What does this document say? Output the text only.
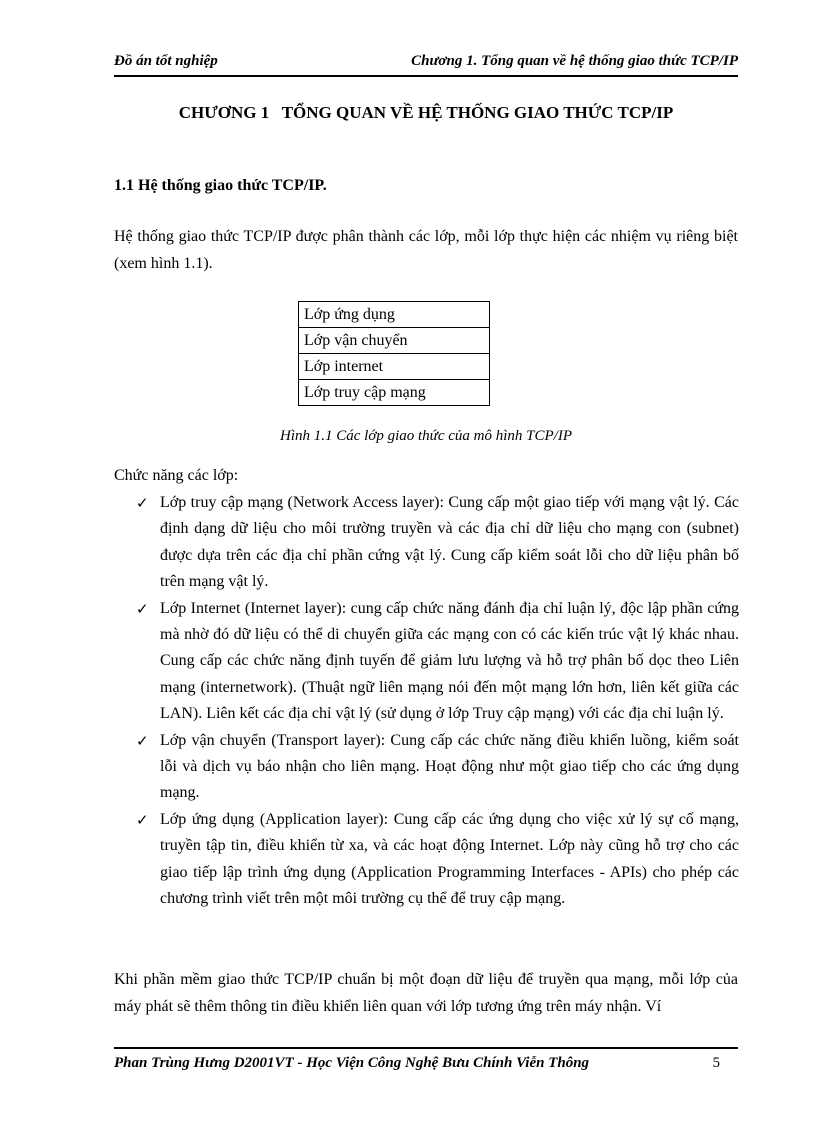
Đồ án tốt nghiệp	Chương 1. Tổng quan về hệ thống giao thức TCP/IP
CHƯƠNG 1   TỔNG QUAN VỀ HỆ THỐNG GIAO THỨC TCP/IP
1.1 Hệ thống giao thức TCP/IP.
Hệ thống giao thức TCP/IP được phân thành các lớp, mỗi lớp thực hiện các nhiệm vụ riêng biệt (xem hình 1.1).
Lớp ứng dụng
Lớp vận chuyển
Lớp internet
Lớp truy cập mạng
Hình 1.1 Các lớp giao thức của mô hình TCP/IP
Chức năng các lớp:
✓ Lớp truy cập mạng (Network Access layer): Cung cấp một giao tiếp với mạng vật lý. Các định dạng dữ liệu cho môi trường truyền và các địa chỉ dữ liệu cho mạng con (subnet) được dựa trên các địa chỉ phần cứng vật lý. Cung cấp kiểm soát lỗi cho dữ liệu phân bố trên mạng vật lý.
✓ Lớp Internet (Internet layer): cung cấp chức năng đánh địa chỉ luận lý, độc lập phần cứng mà nhờ đó dữ liệu có thể di chuyển giữa các mạng con có các kiến trúc vật lý khác nhau. Cung cấp các chức năng định tuyến để giảm lưu lượng và hỗ trợ phân bố dọc theo Liên mạng (internetwork). (Thuật ngữ liên mạng nói đến một mạng lớn hơn, liên kết giữa các LAN). Liên kết các địa chỉ vật lý (sử dụng ở lớp Truy cập mạng) với các địa chỉ luận lý.
✓ Lớp vận chuyển (Transport layer): Cung cấp các chức năng điều khiển luồng, kiểm soát lỗi và dịch vụ báo nhận cho liên mạng. Hoạt động như một giao tiếp cho các ứng dụng mạng.
✓ Lớp ứng dụng (Application layer): Cung cấp các ứng dụng cho việc xử lý sự cố mạng, truyền tập tin, điều khiển từ xa, và các hoạt động Internet. Lớp này cũng hỗ trợ cho các giao tiếp lập trình ứng dụng (Application Programming Interfaces - APIs) cho phép các chương trình viết trên một môi trường cụ thể để truy cập mạng.
Khi phần mềm giao thức TCP/IP chuẩn bị một đoạn dữ liệu để truyền qua mạng, mỗi lớp của máy phát sẽ thêm thông tin điều khiển liên quan với lớp tương ứng trên máy nhận. Ví
Phan Trùng Hưng D2001VT - Học Viện Công Nghệ Bưu Chính Viễn Thông	5
